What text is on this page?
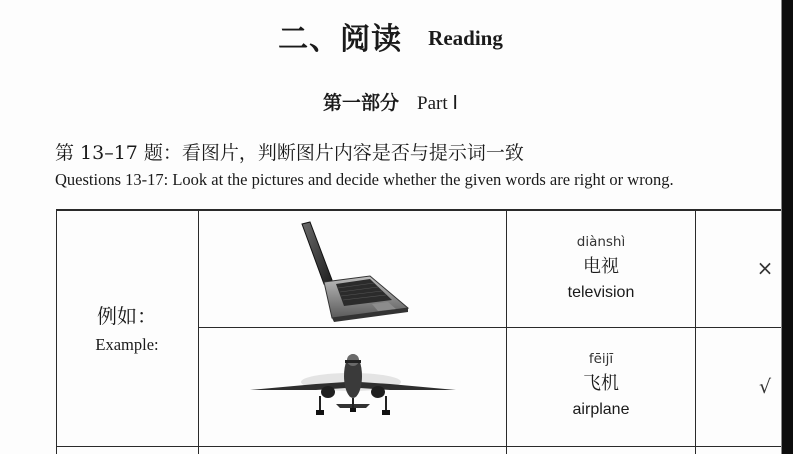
二、阅读 Reading
第一部分 Part Ⅰ
第 13–17 题：看图片，判断图片内容是否与提示词一致
Questions 13-17: Look at the pictures and decide whether the given words are right or wrong.
例如：
Example:
diànshì
电视
television
×
fēijī
飞机
airplane
√
